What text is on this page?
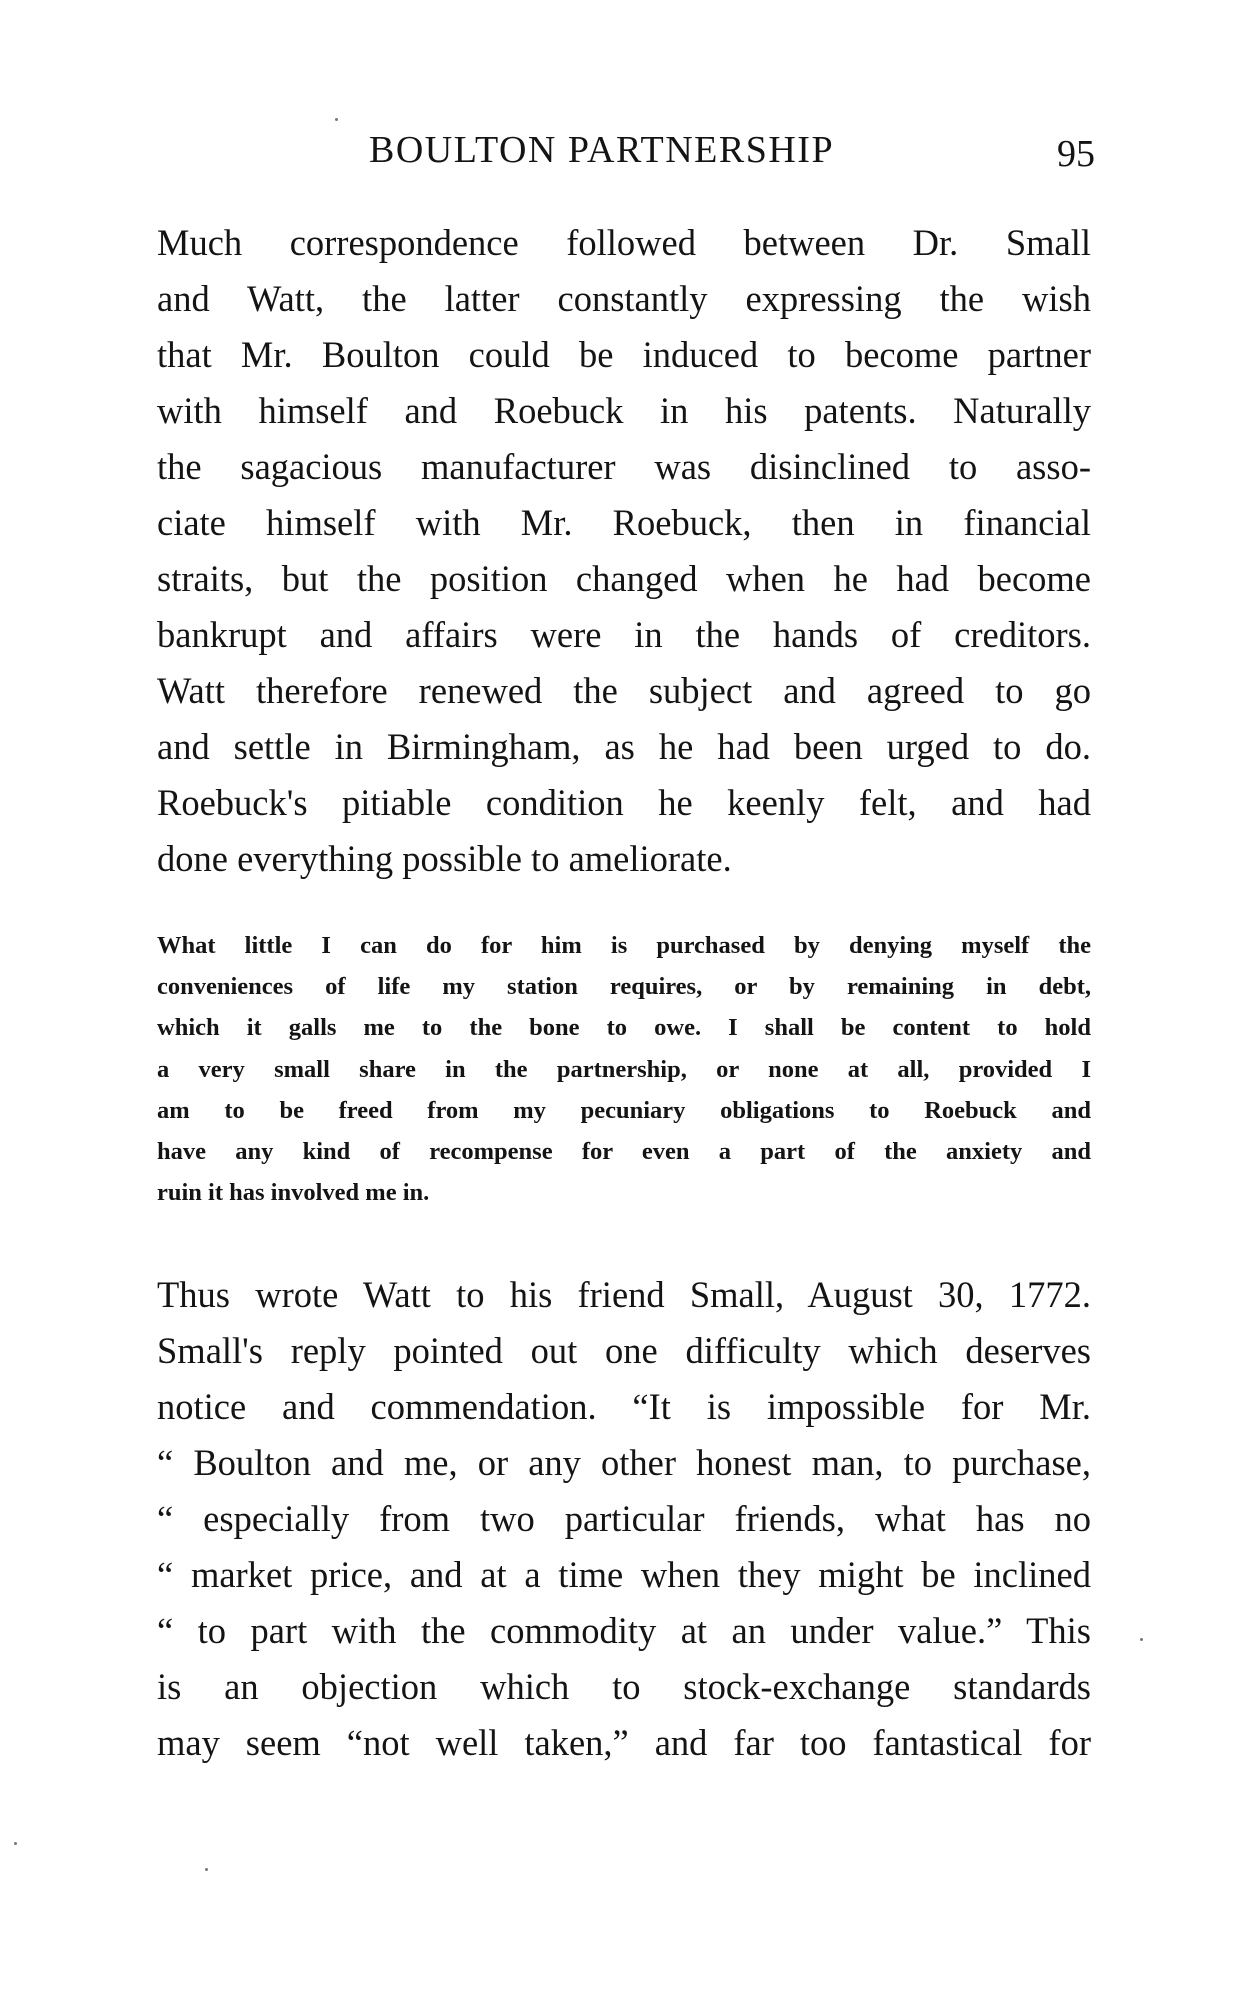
BOULTON PARTNERSHIP	95
Much correspondence followed between Dr. Small
and Watt, the latter constantly expressing the wish
that Mr. Boulton could be induced to become partner
with himself and Roebuck in his patents. Naturally
the sagacious manufacturer was disinclined to asso-
ciate himself with Mr. Roebuck, then in financial
straits, but the position changed when he had become
bankrupt and affairs were in the hands of creditors.
Watt therefore renewed the subject and agreed to go
and settle in Birmingham, as he had been urged to do.
Roebuck's pitiable condition he keenly felt, and had
done everything possible to ameliorate.
What little I can do for him is purchased by denying myself the
conveniences of life my station requires, or by remaining in debt,
which it galls me to the bone to owe. I shall be content to hold
a very small share in the partnership, or none at all, provided I
am to be freed from my pecuniary obligations to Roebuck and
have any kind of recompense for even a part of the anxiety and
ruin it has involved me in.
Thus wrote Watt to his friend Small, August 30, 1772.
Small's reply pointed out one difficulty which deserves
notice and commendation. “It is impossible for Mr.
“ Boulton and me, or any other honest man, to purchase,
“ especially from two particular friends, what has no
“ market price, and at a time when they might be inclined
“ to part with the commodity at an under value.” This
is an objection which to stock-exchange standards
may seem “not well taken,” and far too fantastical for
